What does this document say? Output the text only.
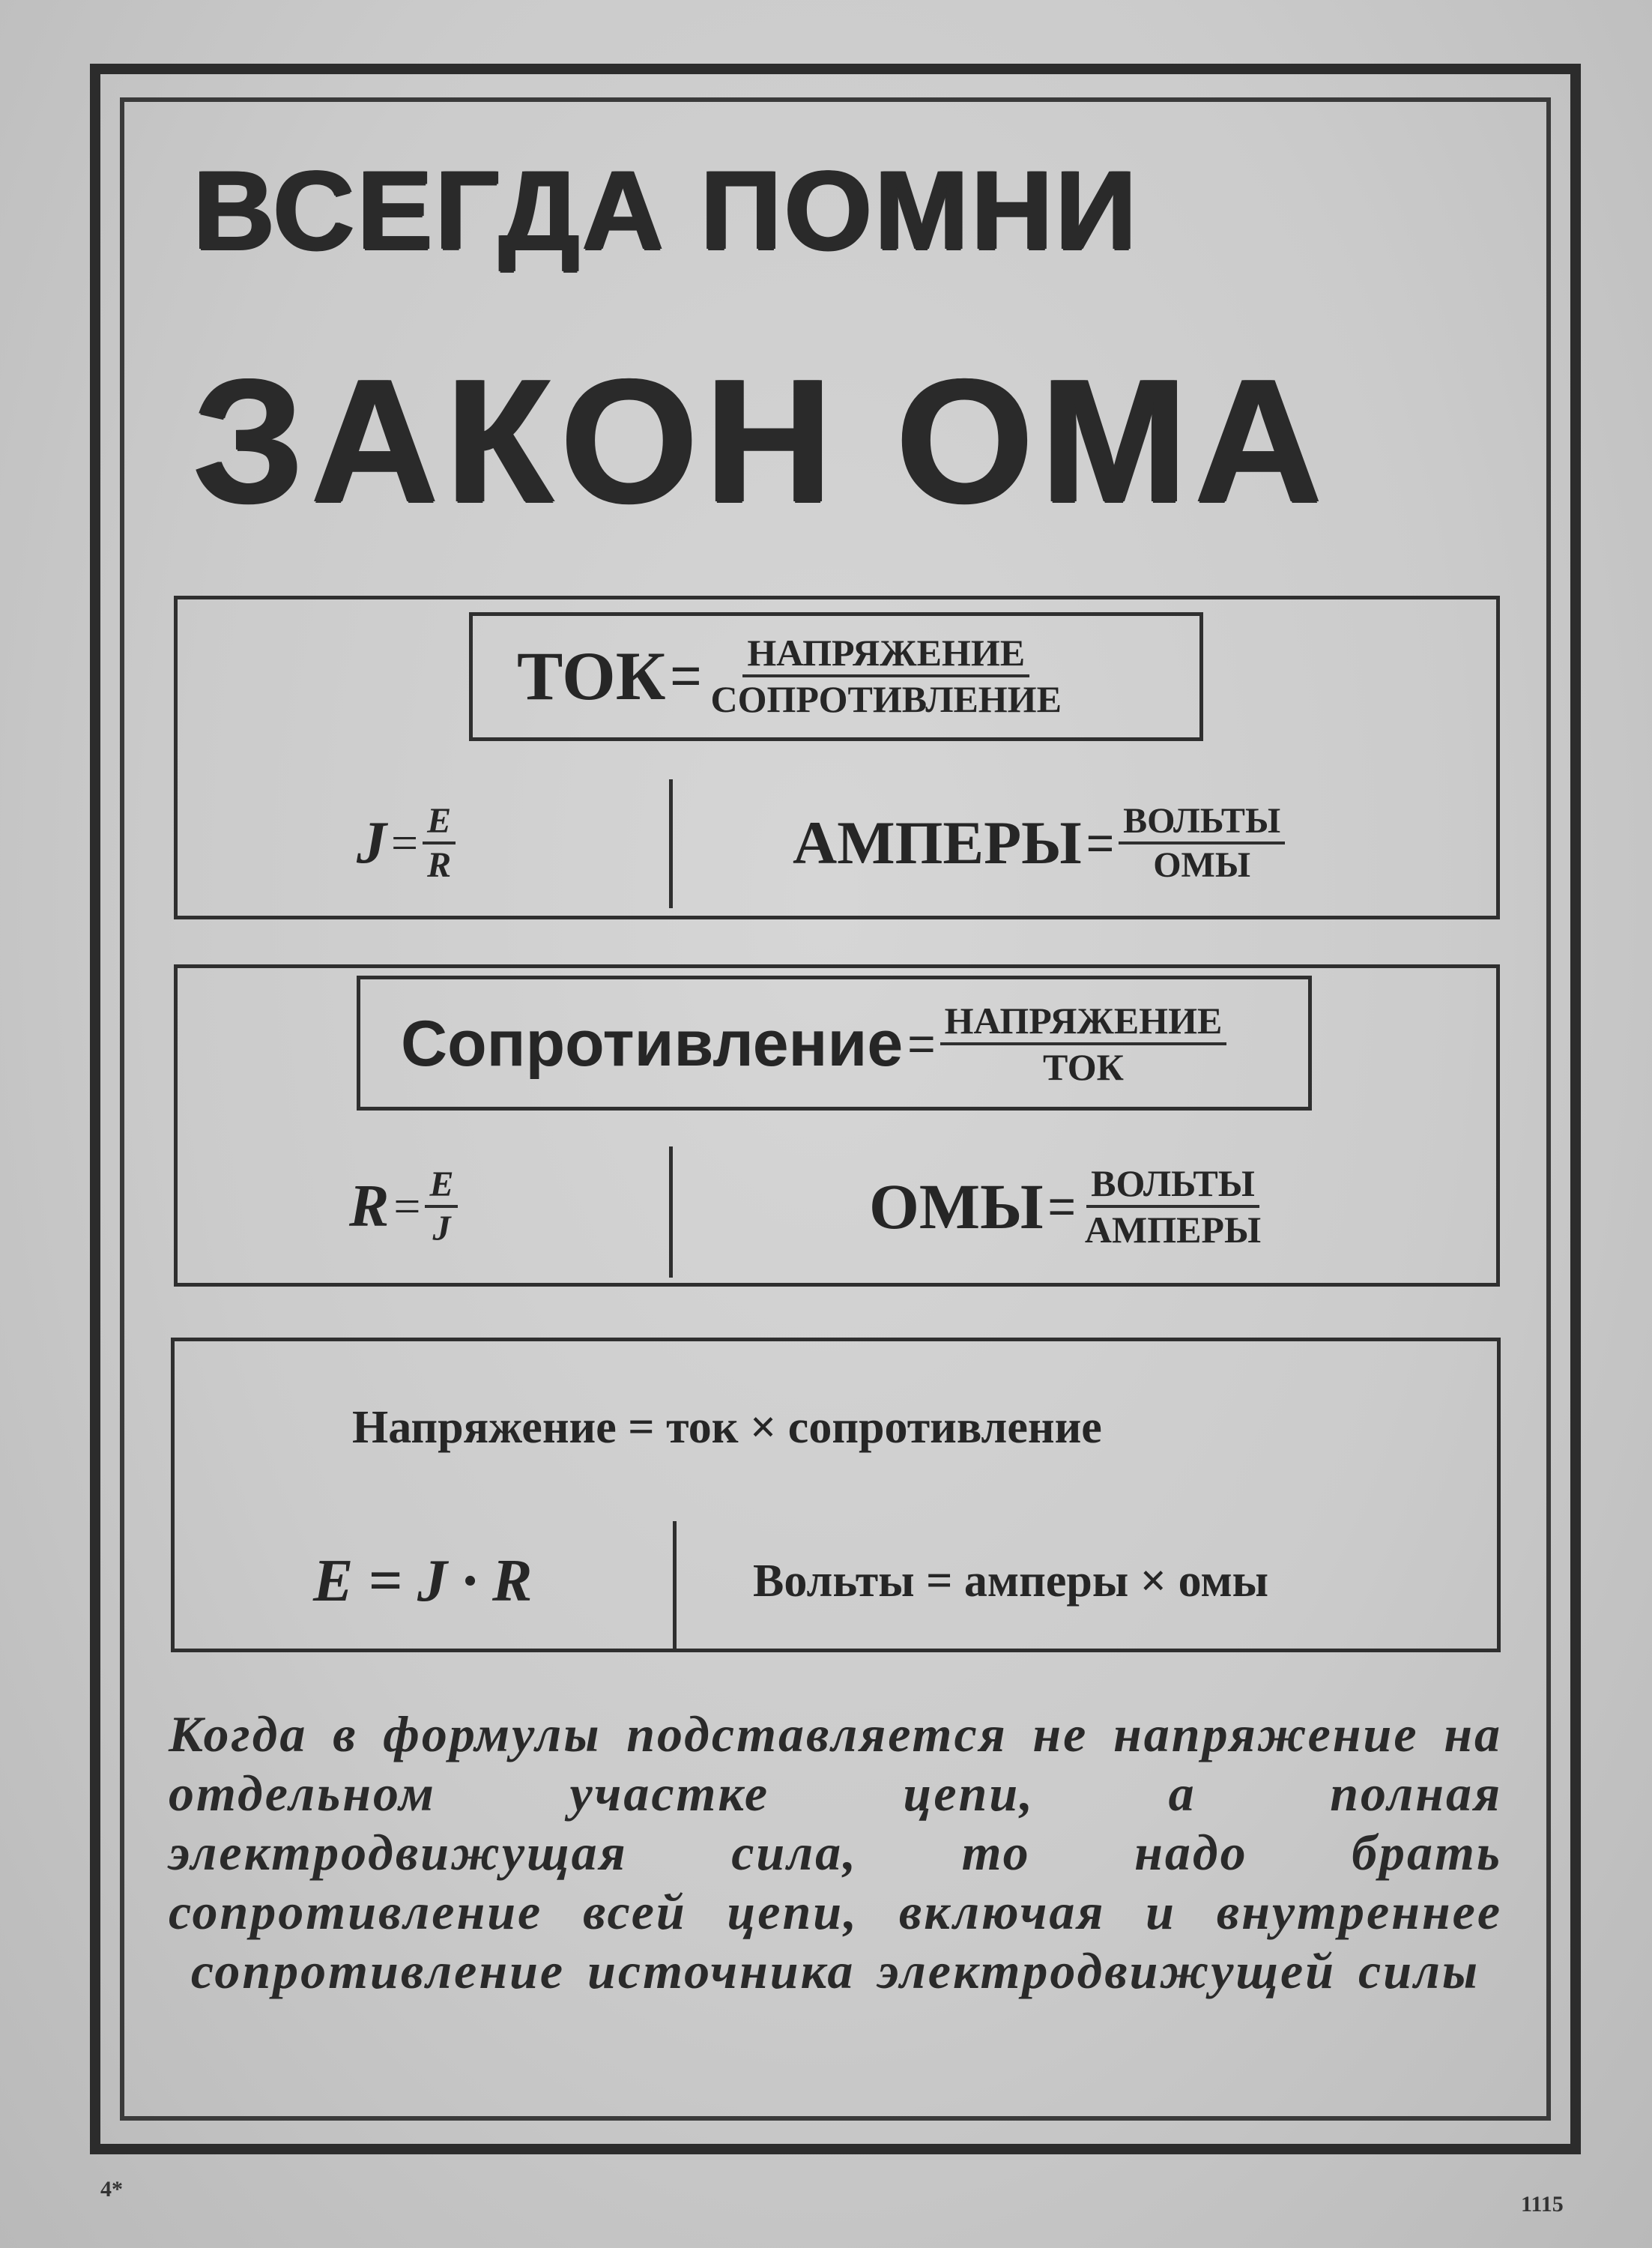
ВСЕГДА ПОМНИ
ЗАКОН ОМА
ТОК = $\frac{\text{НАПРЯЖЕНИЕ}}{\text{СОПРОТИВЛЕНИЕ}}$
$J = \frac{E}{R}$	АМПЕРЫ = $\frac{\text{ВОЛЬТЫ}}{\text{ОМЫ}}$
Сопротивление = $\frac{\text{НАПРЯЖЕНИЕ}}{\text{ТОК}}$
$R = \frac{E}{J}$	ОМЫ = $\frac{\text{ВОЛЬТЫ}}{\text{АМПЕРЫ}}$
Напряжение = ток × сопротивление
E = J · R	Вольты = амперы × омы

Когда в формулы подставляется не напряжение на отдельном участке цепи, а полная электродвижущая сила, то надо брать сопротивление всей цепи, включая и внутреннее сопротивление источника электродвижущей силы

4*
1115
